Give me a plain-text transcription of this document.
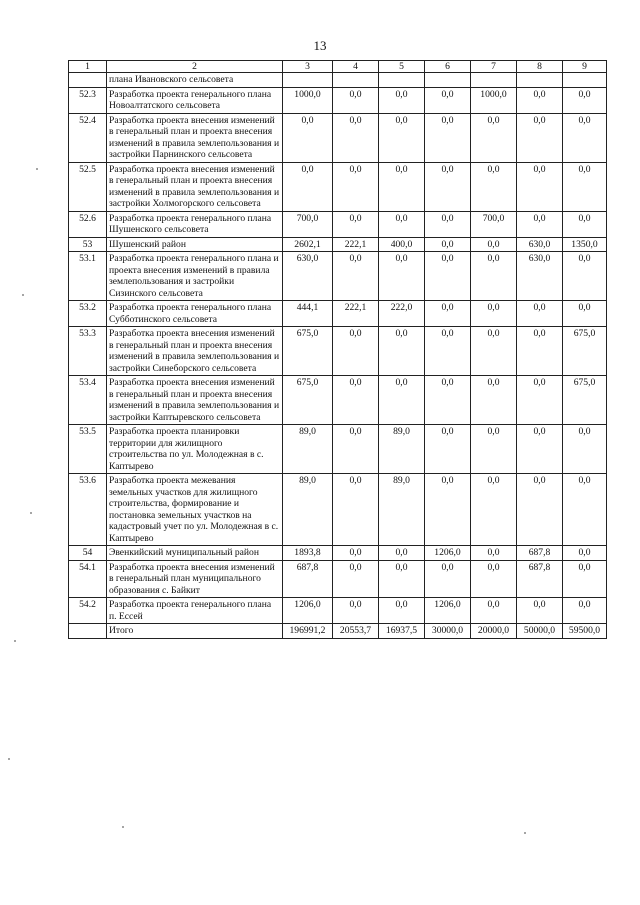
13
1	2	3	4	5	6	7	8	9
	плана Ивановского сельсовета							
52.3	Разработка проекта генерального плана Новоалтатского сельсовета	1000,0	0,0	0,0	0,0	1000,0	0,0	0,0
52.4	Разработка проекта внесения изменений в генеральный план и проекта внесения изменений в правила землепользования и застройки Парнинского сельсовета	0,0	0,0	0,0	0,0	0,0	0,0	0,0
52.5	Разработка проекта внесения изменений в генеральный план и проекта внесения изменений в правила землепользования и застройки Холмогорского сельсовета	0,0	0,0	0,0	0,0	0,0	0,0	0,0
52.6	Разработка проекта генерального плана Шушенского сельсовета	700,0	0,0	0,0	0,0	700,0	0,0	0,0
53	Шушенский район	2602,1	222,1	400,0	0,0	0,0	630,0	1350,0
53.1	Разработка проекта генерального плана и проекта внесения изменений в правила землепользования и застройки Сизинского сельсовета	630,0	0,0	0,0	0,0	0,0	630,0	0,0
53.2	Разработка проекта генерального плана Субботинского сельсовета	444,1	222,1	222,0	0,0	0,0	0,0	0,0
53.3	Разработка проекта внесения изменений в генеральный план и проекта внесения изменений в правила землепользования и застройки Синеборского сельсовета	675,0	0,0	0,0	0,0	0,0	0,0	675,0
53.4	Разработка проекта внесения изменений в генеральный план и проекта внесения изменений в правила землепользования и застройки Каптыревского сельсовета	675,0	0,0	0,0	0,0	0,0	0,0	675,0
53.5	Разработка проекта планировки территории для жилищного строительства по ул. Молодежная в с. Каптырево	89,0	0,0	89,0	0,0	0,0	0,0	0,0
53.6	Разработка проекта межевания земельных участков для жилищного строительства, формирование и постановка земельных участков на кадастровый учет по ул. Молодежная в с. Каптырево	89,0	0,0	89,0	0,0	0,0	0,0	0,0
54	Эвенкийский муниципальный район	1893,8	0,0	0,0	1206,0	0,0	687,8	0,0
54.1	Разработка проекта внесения изменений в генеральный план муниципального образования с. Байкит	687,8	0,0	0,0	0,0	0,0	687,8	0,0
54.2	Разработка проекта генерального плана п. Ессей	1206,0	0,0	0,0	1206,0	0,0	0,0	0,0
	Итого	196991,2	20553,7	16937,5	30000,0	20000,0	50000,0	59500,0
